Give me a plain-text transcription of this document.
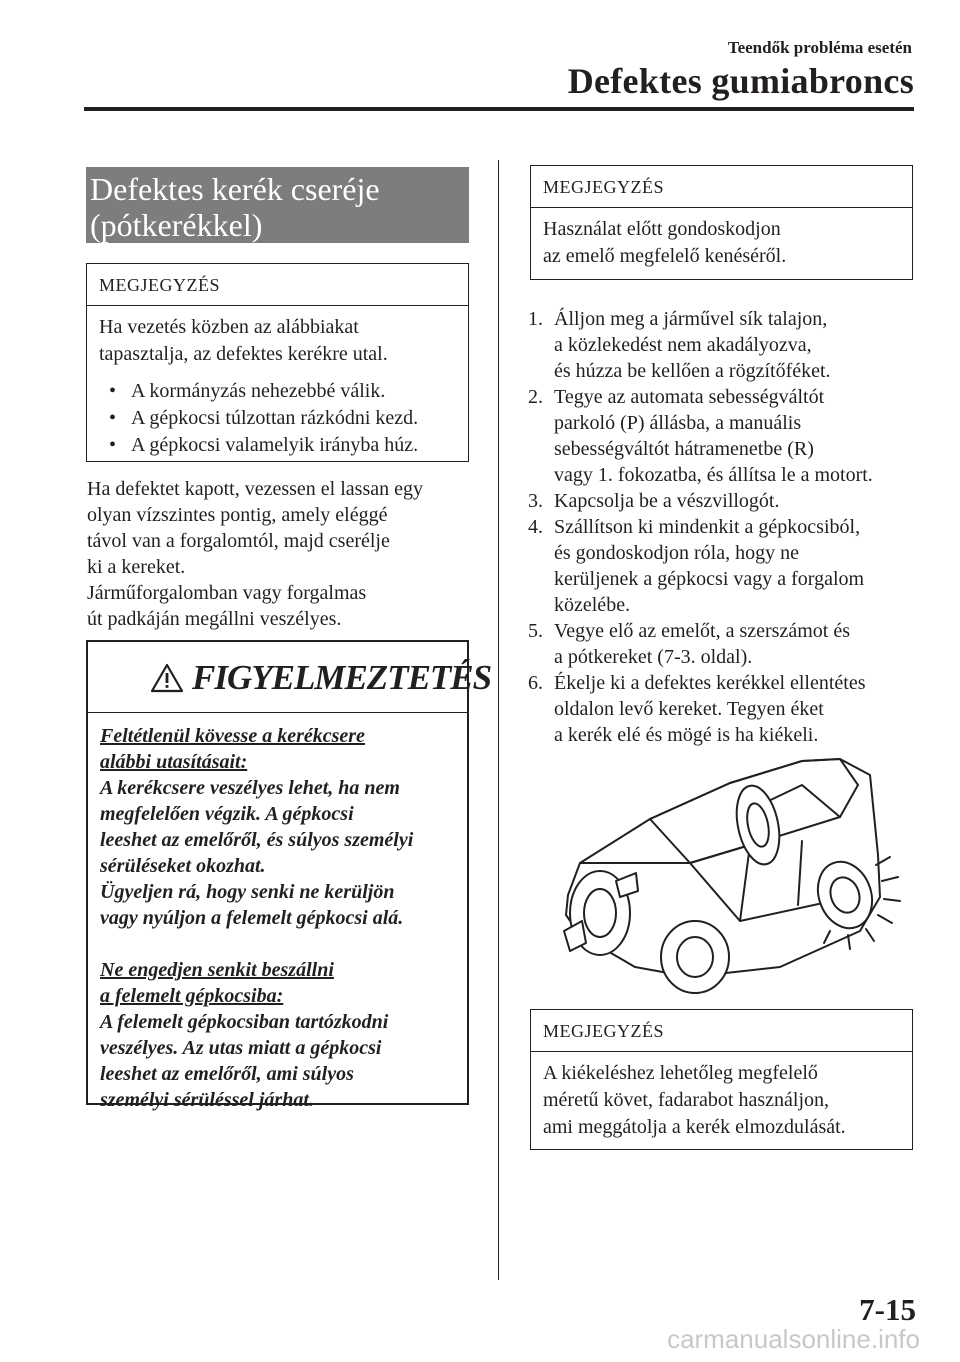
Teendők probléma esetén
Defektes gumiabroncs
Defektes kerék cseréje
(pótkerékkel)
MEGJEGYZÉS
Ha vezetés közben az alábbiakat
tapasztalja, az defektes kerékre utal.
• A kormányzás nehezebbé válik.
• A gépkocsi túlzottan rázkódni kezd.
• A gépkocsi valamelyik irányba húz.
Ha defektet kapott, vezessen el lassan egy
olyan vízszintes pontig, amely eléggé
távol van a forgalomtól, majd cserélje
ki a kereket.
Járműforgalomban vagy forgalmas
út padkáján megállni veszélyes.
FIGYELMEZTETÉS
Feltétlenül kövesse a kerékcsere
alábbi utasításait:
A kerékcsere veszélyes lehet, ha nem
megfelelően végzik. A gépkocsi
leeshet az emelőről, és súlyos személyi
sérüléseket okozhat.
Ügyeljen rá, hogy senki ne kerüljön
vagy nyúljon a felemelt gépkocsi alá.
Ne engedjen senkit beszállni
a felemelt gépkocsiba:
A felemelt gépkocsiban tartózkodni
veszélyes. Az utas miatt a gépkocsi
leeshet az emelőről, ami súlyos
személyi sérüléssel járhat.
MEGJEGYZÉS
Használat előtt gondoskodjon
az emelő megfelelő kenéséről.
1. Álljon meg a járművel sík talajon,
a közlekedést nem akadályozva,
és húzza be kellően a rögzítőféket.
2. Tegye az automata sebességváltót
parkoló (P) állásba, a manuális
sebességváltót hátramenetbe (R)
vagy 1. fokozatba, és állítsa le a motort.
3. Kapcsolja be a vészvillogót.
4. Szállítson ki mindenkit a gépkocsiból,
és gondoskodjon róla, hogy ne
kerüljenek a gépkocsi vagy a forgalom
közelébe.
5. Vegye elő az emelőt, a szerszámot és
a pótkereket (7-3. oldal).
6. Ékelje ki a defektes kerékkel ellentétes
oldalon levő kereket. Tegyen éket
a kerék elé és mögé is ha kiékeli.
MEGJEGYZÉS
A kiékeléshez lehetőleg megfelelő
méretű követ, fadarabot használjon,
ami meggátolja a kerék elmozdulását.
7-15
carmanualsonline.info
